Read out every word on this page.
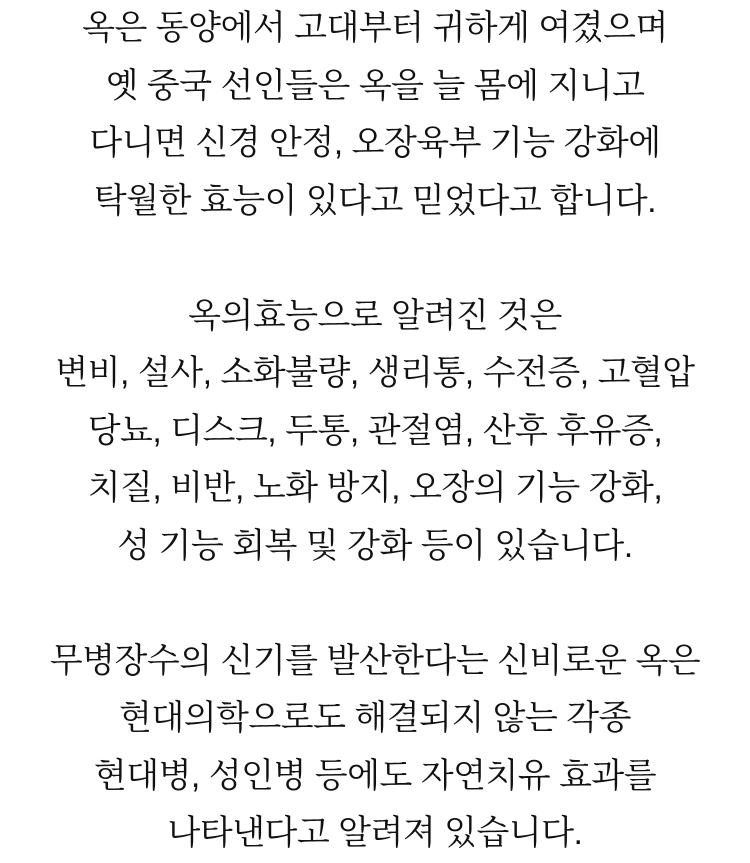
옥은 동양에서 고대부터 귀하게 여겼으며
옛 중국 선인들은 옥을 늘 몸에 지니고
다니면 신경 안정, 오장육부 기능 강화에
탁월한 효능이 있다고 믿었다고 합니다.
옥의효능으로 알려진 것은
변비, 설사, 소화불량, 생리통, 수전증, 고혈압
당뇨, 디스크, 두통, 관절염, 산후 후유증,
치질, 비반, 노화 방지, 오장의 기능 강화,
성 기능 회복 및 강화 등이 있습니다.
무병장수의 신기를 발산한다는 신비로운 옥은
현대의학으로도 해결되지 않는 각종
현대병, 성인병 등에도 자연치유 효과를
나타낸다고 알려져 있습니다.
